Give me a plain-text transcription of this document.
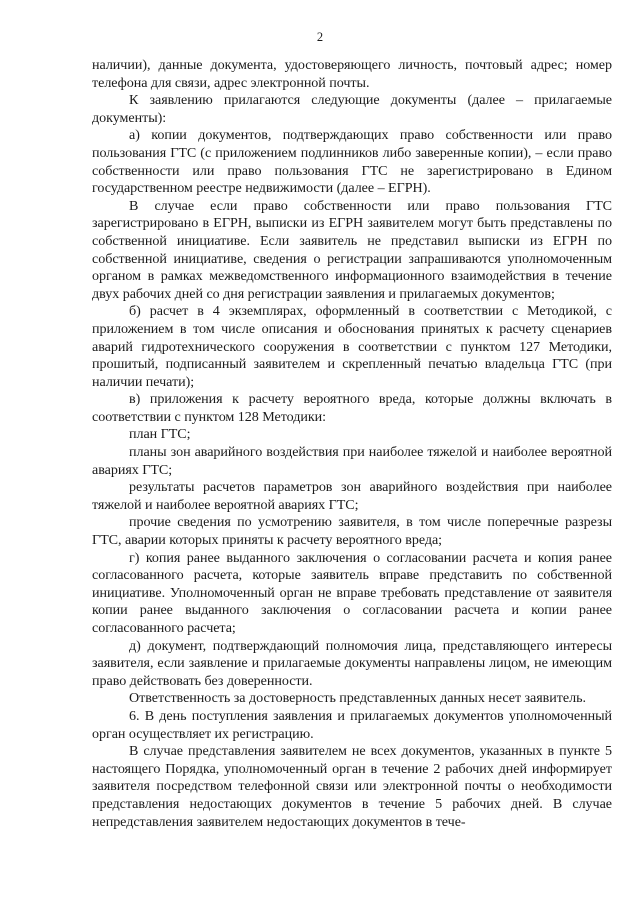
2

наличии), данные документа, удостоверяющего личность, почтовый адрес; номер телефона для связи, адрес электронной почты.

К заявлению прилагаются следующие документы (далее – прилагаемые документы):

а) копии документов, подтверждающих право собственности или право пользования ГТС (с приложением подлинников либо заверенные копии), – если право собственности или право пользования ГТС не зарегистрировано в Едином государственном реестре недвижимости (далее – ЕГРН).

В случае если право собственности или право пользования ГТС зарегистрировано в ЕГРН, выписки из ЕГРН заявителем могут быть представлены по собственной инициативе. Если заявитель не представил выписки из ЕГРН по собственной инициативе, сведения о регистрации запрашиваются уполномоченным органом в рамках межведомственного информационного взаимодействия в течение двух рабочих дней со дня регистрации заявления и прилагаемых документов;

б) расчет в 4 экземплярах, оформленный в соответствии с Методикой, с приложением в том числе описания и обоснования принятых к расчету сценариев аварий гидротехнического сооружения в соответствии с пунктом 127 Методики, прошитый, подписанный заявителем и скрепленный печатью владельца ГТС (при наличии печати);

в) приложения к расчету вероятного вреда, которые должны включать в соответствии с пунктом 128 Методики:

план ГТС;

планы зон аварийного воздействия при наиболее тяжелой и наиболее вероятной авариях ГТС;

результаты расчетов параметров зон аварийного воздействия при наиболее тяжелой и наиболее вероятной авариях ГТС;

прочие сведения по усмотрению заявителя, в том числе поперечные разрезы ГТС, аварии которых приняты к расчету вероятного вреда;

г) копия ранее выданного заключения о согласовании расчета и копия ранее согласованного расчета, которые заявитель вправе представить по собственной инициативе. Уполномоченный орган не вправе требовать представление от заявителя копии ранее выданного заключения о согласовании расчета и копии ранее согласованного расчета;

д) документ, подтверждающий полномочия лица, представляющего интересы заявителя, если заявление и прилагаемые документы направлены лицом, не имеющим право действовать без доверенности.

Ответственность за достоверность представленных данных несет заявитель.

6. В день поступления заявления и прилагаемых документов уполномоченный орган осуществляет их регистрацию.

В случае представления заявителем не всех документов, указанных в пункте 5 настоящего Порядка, уполномоченный орган в течение 2 рабочих дней информирует заявителя посредством телефонной связи или электронной почты о необходимости представления недостающих документов в течение 5 рабочих дней. В случае непредставления заявителем недостающих документов в тече-
